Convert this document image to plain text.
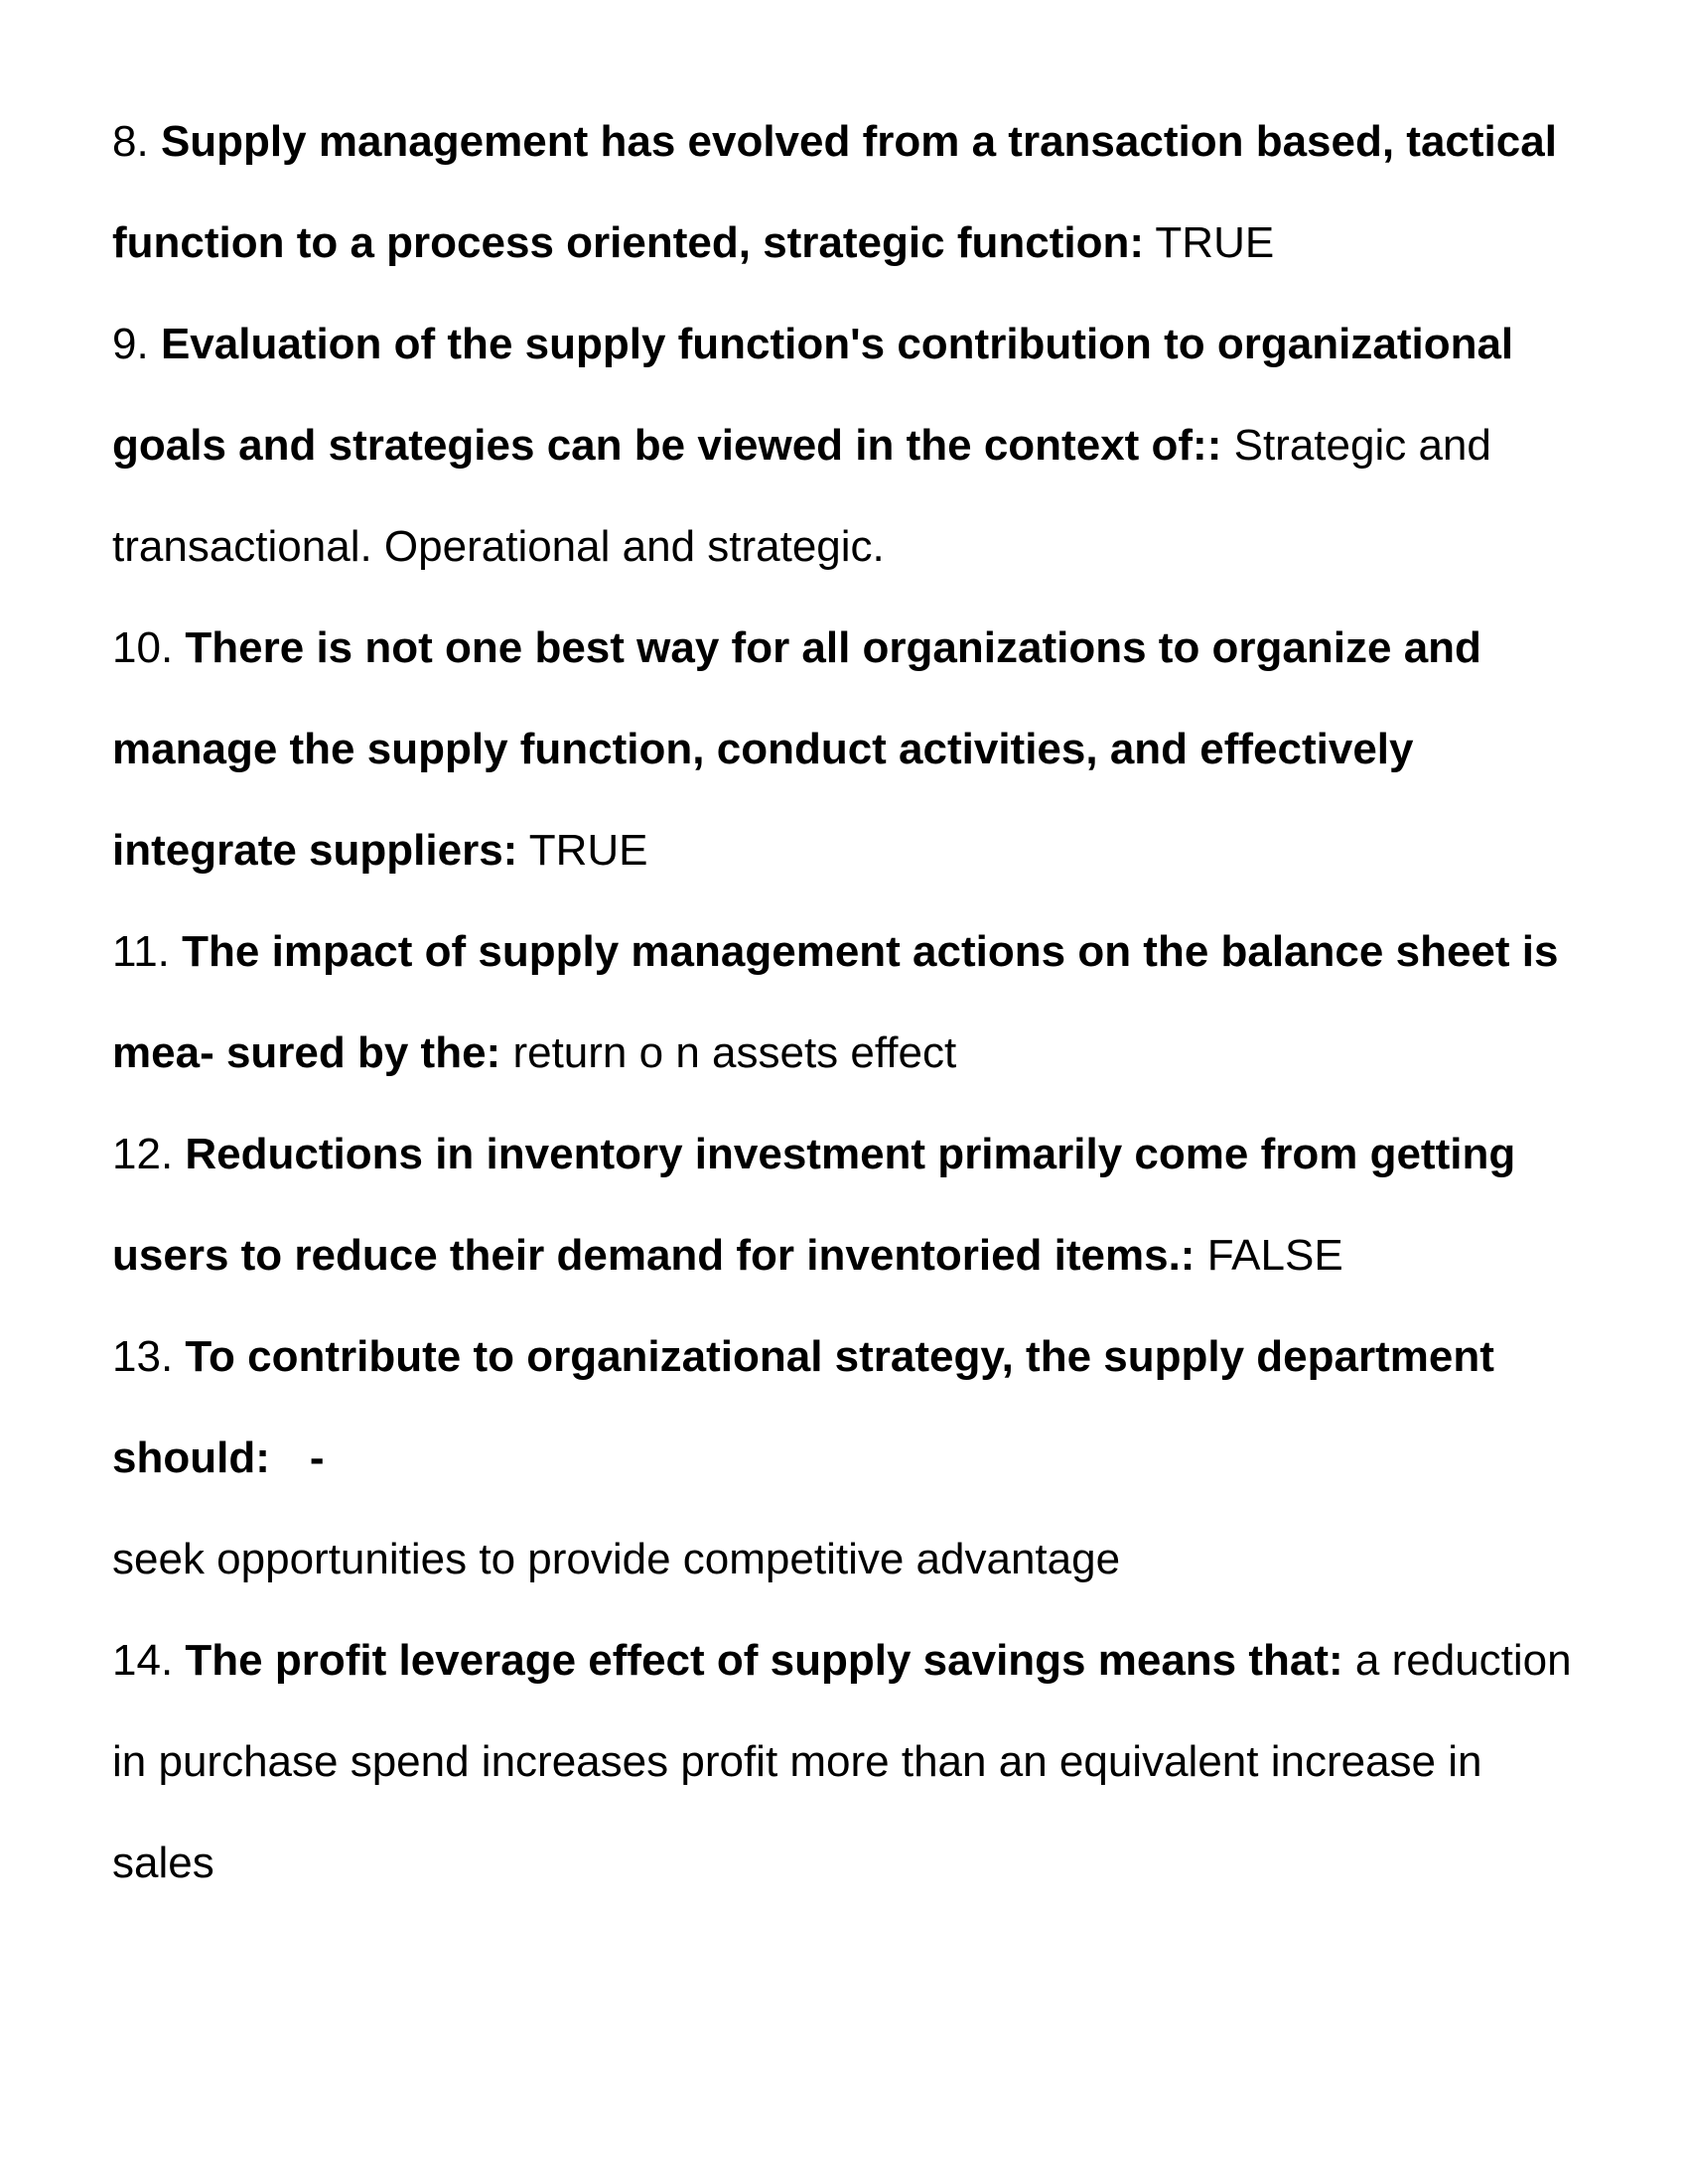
8. Supply management has evolved from a transaction based, tactical function to a process oriented, strategic function: TRUE

9. Evaluation of the supply function's contribution to organizational goals and strategies can be viewed in the context of:: Strategic and transactional. Operational and strategic.

10. There is not one best way for all organizations to organize and manage the supply function, conduct activities, and effectively integrate suppliers: TRUE

11. The impact of supply management actions on the balance sheet is mea- sured by the: return o n assets effect

12. Reductions in inventory investment primarily come from getting users to reduce their demand for inventoried items.: FALSE

13. To contribute to organizational strategy, the supply department should: -
seek opportunities to provide competitive advantage

14. The profit leverage effect of supply savings means that: a reduction in purchase spend increases profit more than an equivalent increase in sales
